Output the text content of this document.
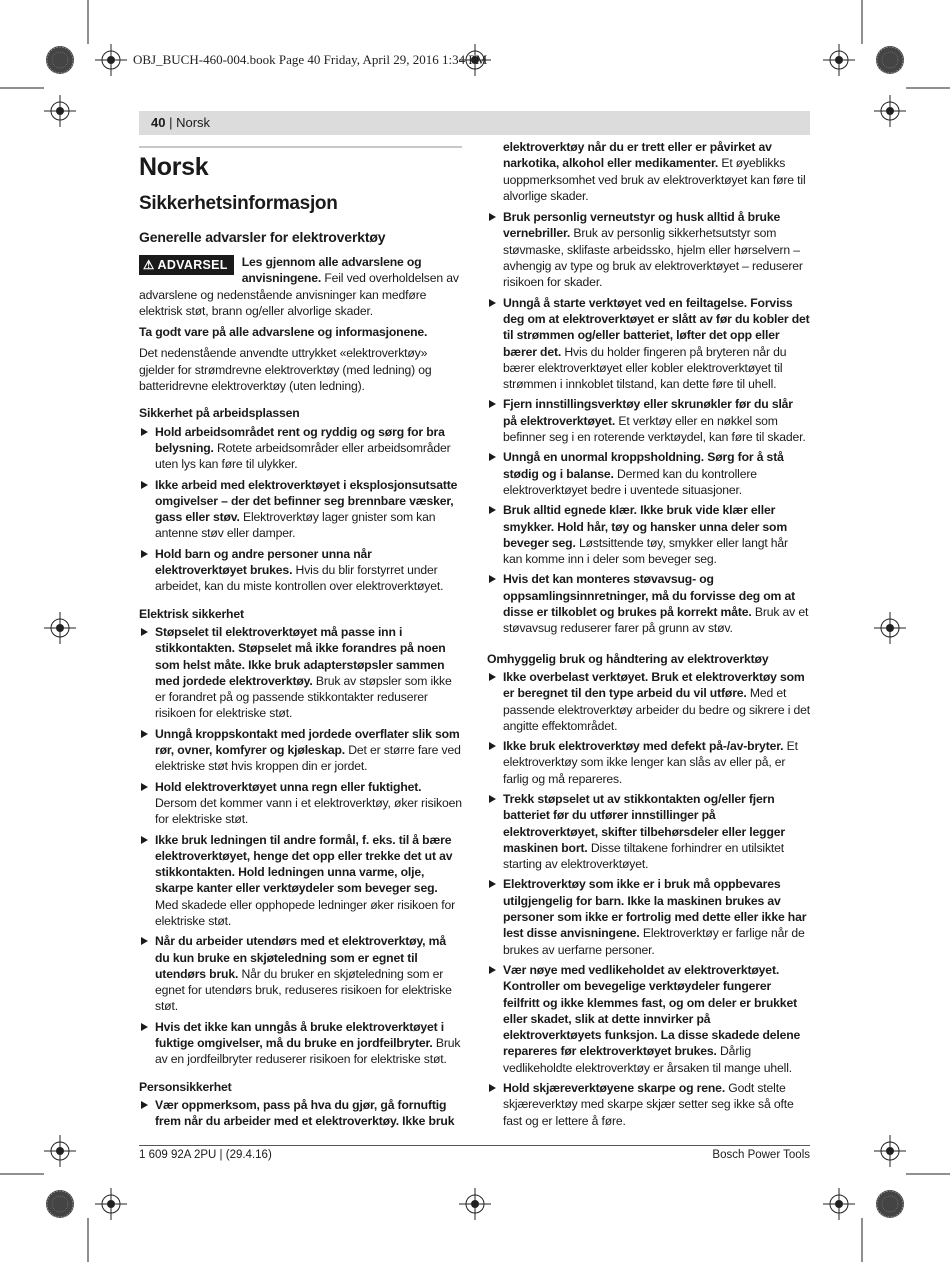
OBJ_BUCH-460-004.book Page 40 Friday, April 29, 2016 1:34 PM
40 | Norsk
Norsk
Sikkerhetsinformasjon
Generelle advarsler for elektroverktøy
⚠ ADVARSEL	Les gjennom alle advarslene og anvisningene. Feil ved overholdelsen av advarslene og nedenstående anvisninger kan medføre elektrisk støt, brann og/eller alvorlige skader.

Ta godt vare på alle advarslene og informasjonene.

Det nedenstående anvendte uttrykket «elektroverktøy» gjelder for strømdrevne elektroverktøy (med ledning) og batteridrevne elektroverktøy (uten ledning).

Sikkerhet på arbeidsplassen
Hold arbeidsområdet rent og ryddig og sørg for bra belysning. Rotete arbeidsområder eller arbeidsområder uten lys kan føre til ulykker.
Ikke arbeid med elektroverktøyet i eksplosjonsutsatte omgivelser – der det befinner seg brennbare væsker, gass eller støv. Elektroverktøy lager gnister som kan antenne støv eller damper.
Hold barn og andre personer unna når elektroverktøyet brukes. Hvis du blir forstyrret under arbeidet, kan du miste kontrollen over elektroverktøyet.
Elektrisk sikkerhet
Støpselet til elektroverktøyet må passe inn i stikkontakten. Støpselet må ikke forandres på noen som helst måte. Ikke bruk adapterstøpsler sammen med jordede elektroverktøy. Bruk av støpsler som ikke er forandret på og passende stikkontakter reduserer risikoen for elektriske støt.
Unngå kroppskontakt med jordede overflater slik som rør, ovner, komfyrer og kjøleskap. Det er større fare ved elektriske støt hvis kroppen din er jordet.
Hold elektroverktøyet unna regn eller fuktighet. Dersom det kommer vann i et elektroverktøy, øker risikoen for elektriske støt.
Ikke bruk ledningen til andre formål, f. eks. til å bære elektroverktøyet, henge det opp eller trekke det ut av stikkontakten. Hold ledningen unna varme, olje, skarpe kanter eller verktøydeler som beveger seg. Med skadede eller opphopede ledninger øker risikoen for elektriske støt.
Når du arbeider utendørs med et elektroverktøy, må du kun bruke en skjøteledning som er egnet til utendørs bruk. Når du bruker en skjøteledning som er egnet for utendørs bruk, reduseres risikoen for elektriske støt.
Hvis det ikke kan unngås å bruke elektroverktøyet i fuktige omgivelser, må du bruke en jordfeilbryter. Bruk av en jordfeilbryter reduserer risikoen for elektriske støt.
Personsikkerhet
Vær oppmerksom, pass på hva du gjør, gå fornuftig frem når du arbeider med et elektroverktøy. Ikke bruk

elektroverktøy når du er trett eller er påvirket av narkotika, alkohol eller medikamenter. Et øyeblikks uoppmerksomhet ved bruk av elektroverktøyet kan føre til alvorlige skader.

Bruk personlig verneutstyr og husk alltid å bruke vernebriller. Bruk av personlig sikkerhetsutstyr som støvmaske, sklifaste arbeidssko, hjelm eller hørselvern – avhengig av type og bruk av elektroverktøyet – reduserer risikoen for skader.
Unngå å starte verktøyet ved en feiltagelse. Forviss deg om at elektroverktøyet er slått av før du kobler det til strømmen og/eller batteriet, løfter det opp eller bærer det. Hvis du holder fingeren på bryteren når du bærer elektroverktøyet eller kobler elektroverktøyet til strømmen i innkoblet tilstand, kan dette føre til uhell.
Fjern innstillingsverktøy eller skrunøkler før du slår på elektroverktøyet. Et verktøy eller en nøkkel som befinner seg i en roterende verktøydel, kan føre til skader.
Unngå en unormal kroppsholdning. Sørg for å stå stødig og i balanse. Dermed kan du kontrollere elektroverktøyet bedre i uventede situasjoner.
Bruk alltid egnede klær. Ikke bruk vide klær eller smykker. Hold hår, tøy og hansker unna deler som beveger seg. Løstsittende tøy, smykker eller langt hår kan komme inn i deler som beveger seg.
Hvis det kan monteres støvavsug- og oppsamlingsinnretninger, må du forvisse deg om at disse er tilkoblet og brukes på korrekt måte. Bruk av et støvavsug reduserer farer på grunn av støv.
Omhyggelig bruk og håndtering av elektroverktøy
Ikke overbelast verktøyet. Bruk et elektroverktøy som er beregnet til den type arbeid du vil utføre. Med et passende elektroverktøy arbeider du bedre og sikrere i det angitte effektområdet.
Ikke bruk elektroverktøy med defekt på-/av-bryter. Et elektroverktøy som ikke lenger kan slås av eller på, er farlig og må repareres.
Trekk støpselet ut av stikkontakten og/eller fjern batteriet før du utfører innstillinger på elektroverktøyet, skifter tilbehørsdeler eller legger maskinen bort. Disse tiltakene forhindrer en utilsiktet starting av elektroverktøyet.
Elektroverktøy som ikke er i bruk må oppbevares utilgjengelig for barn. Ikke la maskinen brukes av personer som ikke er fortrolig med dette eller ikke har lest disse anvisningene. Elektroverktøy er farlige når de brukes av uerfarne personer.
Vær nøye med vedlikeholdet av elektroverktøyet. Kontroller om bevegelige verktøydeler fungerer feilfritt og ikke klemmes fast, og om deler er brukket eller skadet, slik at dette innvirker på elektroverktøyets funksjon. La disse skadede delene repareres før elektroverktøyet brukes. Dårlig vedlikeholdte elektroverktøy er årsaken til mange uhell.
Hold skjæreverktøyene skarpe og rene. Godt stelte skjæreverktøy med skarpe skjær setter seg ikke så ofte fast og er lettere å føre.
1 609 92A 2PU | (29.4.16)	Bosch Power Tools
